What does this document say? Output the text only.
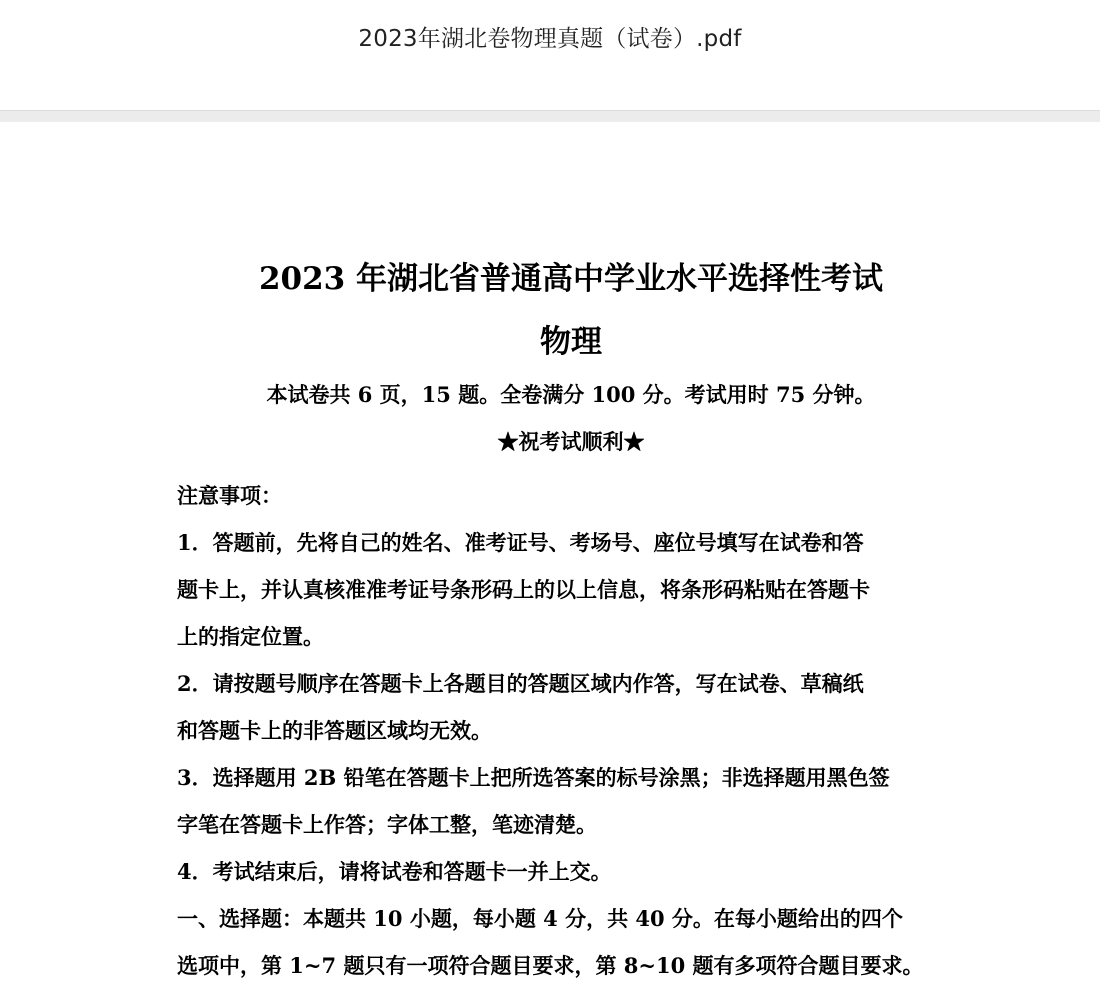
2023年湖北卷物理真题（试卷）.pdf
2023 年湖北省普通高中学业水平选择性考试
物理
本试卷共 6 页，15 题。全卷满分 100 分。考试用时 75 分钟。
★祝考试顺利★

注意事项：

1．答题前，先将自己的姓名、准考证号、考场号、座位号填写在试卷和答

题卡上，并认真核准准考证号条形码上的以上信息，将条形码粘贴在答题卡

上的指定位置。

2．请按题号顺序在答题卡上各题目的答题区域内作答，写在试卷、草稿纸

和答题卡上的非答题区域均无效。

3．选择题用 2B 铅笔在答题卡上把所选答案的标号涂黑；非选择题用黑色签

字笔在答题卡上作答；字体工整，笔迹清楚。

4．考试结束后，请将试卷和答题卡一并上交。

一、选择题：本题共 10 小题，每小题 4 分，共 40 分。在每小题给出的四个

选项中，第 1~7 题只有一项符合题目要求，第 8~10 题有多项符合题目要求。
